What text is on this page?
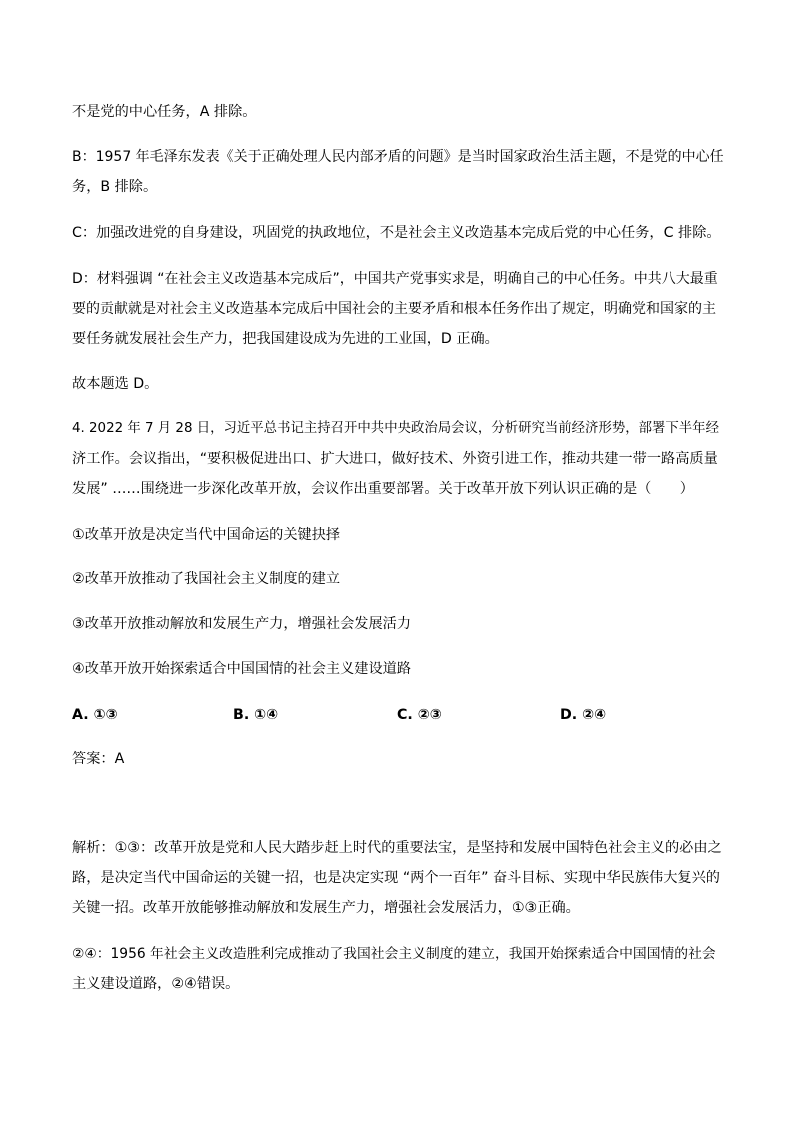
不是党的中心任务，A 排除。

B：1957 年毛泽东发表《关于正确处理人民内部矛盾的问题》是当时国家政治生活主题，不是党的中心任
务，B 排除。

C：加强改进党的自身建设，巩固党的执政地位，不是社会主义改造基本完成后党的中心任务，C 排除。

D：材料强调 “在社会主义改造基本完成后”，中国共产党事实求是，明确自己的中心任务。中共八大最重
要的贡献就是对社会主义改造基本完成后中国社会的主要矛盾和根本任务作出了规定，明确党和国家的主
要任务就发展社会生产力，把我国建设成为先进的工业国，D 正确。

故本题选 D。

4. 2022 年 7 月 28 日，习近平总书记主持召开中共中央政治局会议，分析研究当前经济形势，部署下半年经
济工作。会议指出，“要积极促进出口、扩大进口，做好技术、外资引进工作，推动共建一带一路高质量
发展” ……围绕进一步深化改革开放，会议作出重要部署。关于改革开放下列认识正确的是（　　）

①改革开放是决定当代中国命运的关键抉择

②改革开放推动了我国社会主义制度的建立

③改革开放推动解放和发展生产力，增强社会发展活力

④改革开放开始探索适合中国国情的社会主义建设道路

A. ①③	B. ①④	C. ②③	D. ②④

答案：A

解析：①③：改革开放是党和人民大踏步赶上时代的重要法宝，是坚持和发展中国特色社会主义的必由之
路，是决定当代中国命运的关键一招，也是决定实现 “两个一百年” 奋斗目标、实现中华民族伟大复兴的
关键一招。改革开放能够推动解放和发展生产力，增强社会发展活力，①③正确。

②④：1956 年社会主义改造胜利完成推动了我国社会主义制度的建立，我国开始探索适合中国国情的社会
主义建设道路，②④错误。
